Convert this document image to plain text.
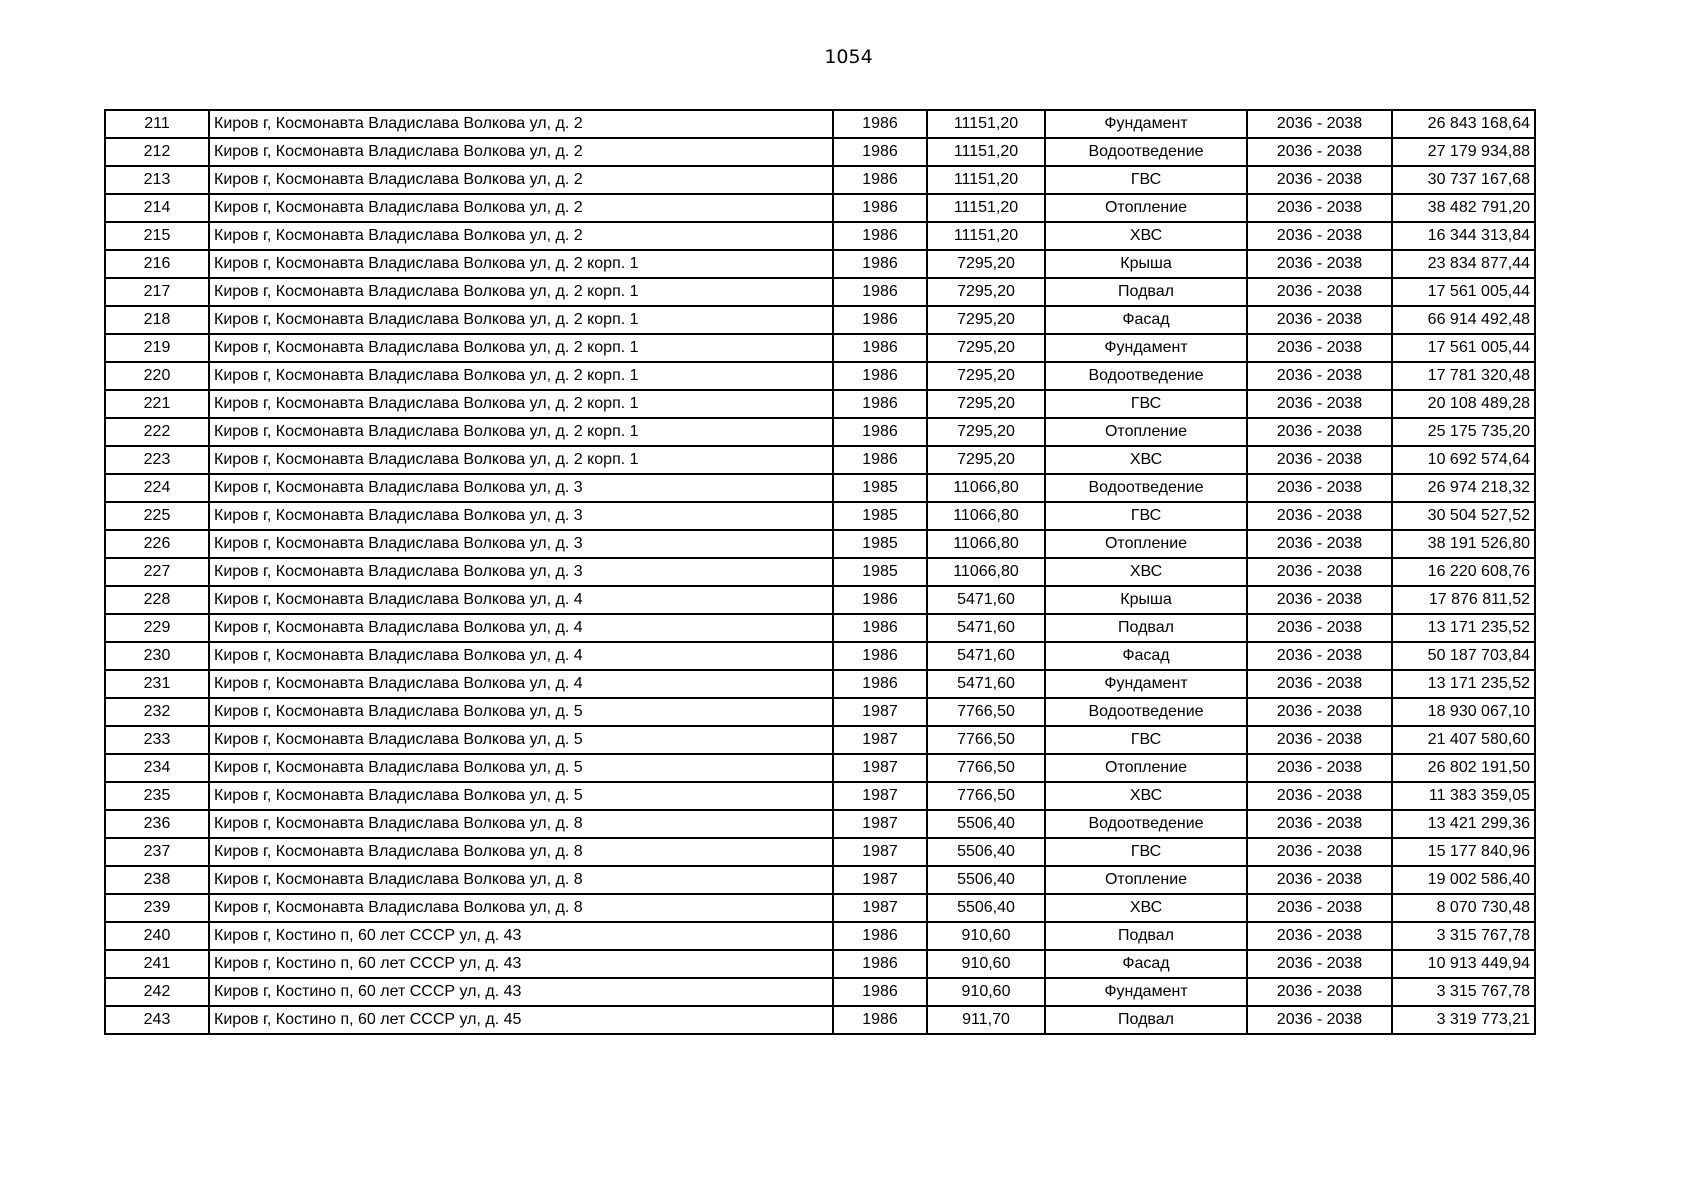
1054
211	Киров г, Космонавта Владислава Волкова ул, д. 2	1986	11151,20	Фундамент	2036 - 2038	26 843 168,64
212	Киров г, Космонавта Владислава Волкова ул, д. 2	1986	11151,20	Водоотведение	2036 - 2038	27 179 934,88
213	Киров г, Космонавта Владислава Волкова ул, д. 2	1986	11151,20	ГВС	2036 - 2038	30 737 167,68
214	Киров г, Космонавта Владислава Волкова ул, д. 2	1986	11151,20	Отопление	2036 - 2038	38 482 791,20
215	Киров г, Космонавта Владислава Волкова ул, д. 2	1986	11151,20	ХВС	2036 - 2038	16 344 313,84
216	Киров г, Космонавта Владислава Волкова ул, д. 2 корп. 1	1986	7295,20	Крыша	2036 - 2038	23 834 877,44
217	Киров г, Космонавта Владислава Волкова ул, д. 2 корп. 1	1986	7295,20	Подвал	2036 - 2038	17 561 005,44
218	Киров г, Космонавта Владислава Волкова ул, д. 2 корп. 1	1986	7295,20	Фасад	2036 - 2038	66 914 492,48
219	Киров г, Космонавта Владислава Волкова ул, д. 2 корп. 1	1986	7295,20	Фундамент	2036 - 2038	17 561 005,44
220	Киров г, Космонавта Владислава Волкова ул, д. 2 корп. 1	1986	7295,20	Водоотведение	2036 - 2038	17 781 320,48
221	Киров г, Космонавта Владислава Волкова ул, д. 2 корп. 1	1986	7295,20	ГВС	2036 - 2038	20 108 489,28
222	Киров г, Космонавта Владислава Волкова ул, д. 2 корп. 1	1986	7295,20	Отопление	2036 - 2038	25 175 735,20
223	Киров г, Космонавта Владислава Волкова ул, д. 2 корп. 1	1986	7295,20	ХВС	2036 - 2038	10 692 574,64
224	Киров г, Космонавта Владислава Волкова ул, д. 3	1985	11066,80	Водоотведение	2036 - 2038	26 974 218,32
225	Киров г, Космонавта Владислава Волкова ул, д. 3	1985	11066,80	ГВС	2036 - 2038	30 504 527,52
226	Киров г, Космонавта Владислава Волкова ул, д. 3	1985	11066,80	Отопление	2036 - 2038	38 191 526,80
227	Киров г, Космонавта Владислава Волкова ул, д. 3	1985	11066,80	ХВС	2036 - 2038	16 220 608,76
228	Киров г, Космонавта Владислава Волкова ул, д. 4	1986	5471,60	Крыша	2036 - 2038	17 876 811,52
229	Киров г, Космонавта Владислава Волкова ул, д. 4	1986	5471,60	Подвал	2036 - 2038	13 171 235,52
230	Киров г, Космонавта Владислава Волкова ул, д. 4	1986	5471,60	Фасад	2036 - 2038	50 187 703,84
231	Киров г, Космонавта Владислава Волкова ул, д. 4	1986	5471,60	Фундамент	2036 - 2038	13 171 235,52
232	Киров г, Космонавта Владислава Волкова ул, д. 5	1987	7766,50	Водоотведение	2036 - 2038	18 930 067,10
233	Киров г, Космонавта Владислава Волкова ул, д. 5	1987	7766,50	ГВС	2036 - 2038	21 407 580,60
234	Киров г, Космонавта Владислава Волкова ул, д. 5	1987	7766,50	Отопление	2036 - 2038	26 802 191,50
235	Киров г, Космонавта Владислава Волкова ул, д. 5	1987	7766,50	ХВС	2036 - 2038	11 383 359,05
236	Киров г, Космонавта Владислава Волкова ул, д. 8	1987	5506,40	Водоотведение	2036 - 2038	13 421 299,36
237	Киров г, Космонавта Владислава Волкова ул, д. 8	1987	5506,40	ГВС	2036 - 2038	15 177 840,96
238	Киров г, Космонавта Владислава Волкова ул, д. 8	1987	5506,40	Отопление	2036 - 2038	19 002 586,40
239	Киров г, Космонавта Владислава Волкова ул, д. 8	1987	5506,40	ХВС	2036 - 2038	8 070 730,48
240	Киров г, Костино п, 60 лет СССР ул, д. 43	1986	910,60	Подвал	2036 - 2038	3 315 767,78
241	Киров г, Костино п, 60 лет СССР ул, д. 43	1986	910,60	Фасад	2036 - 2038	10 913 449,94
242	Киров г, Костино п, 60 лет СССР ул, д. 43	1986	910,60	Фундамент	2036 - 2038	3 315 767,78
243	Киров г, Костино п, 60 лет СССР ул, д. 45	1986	911,70	Подвал	2036 - 2038	3 319 773,21
